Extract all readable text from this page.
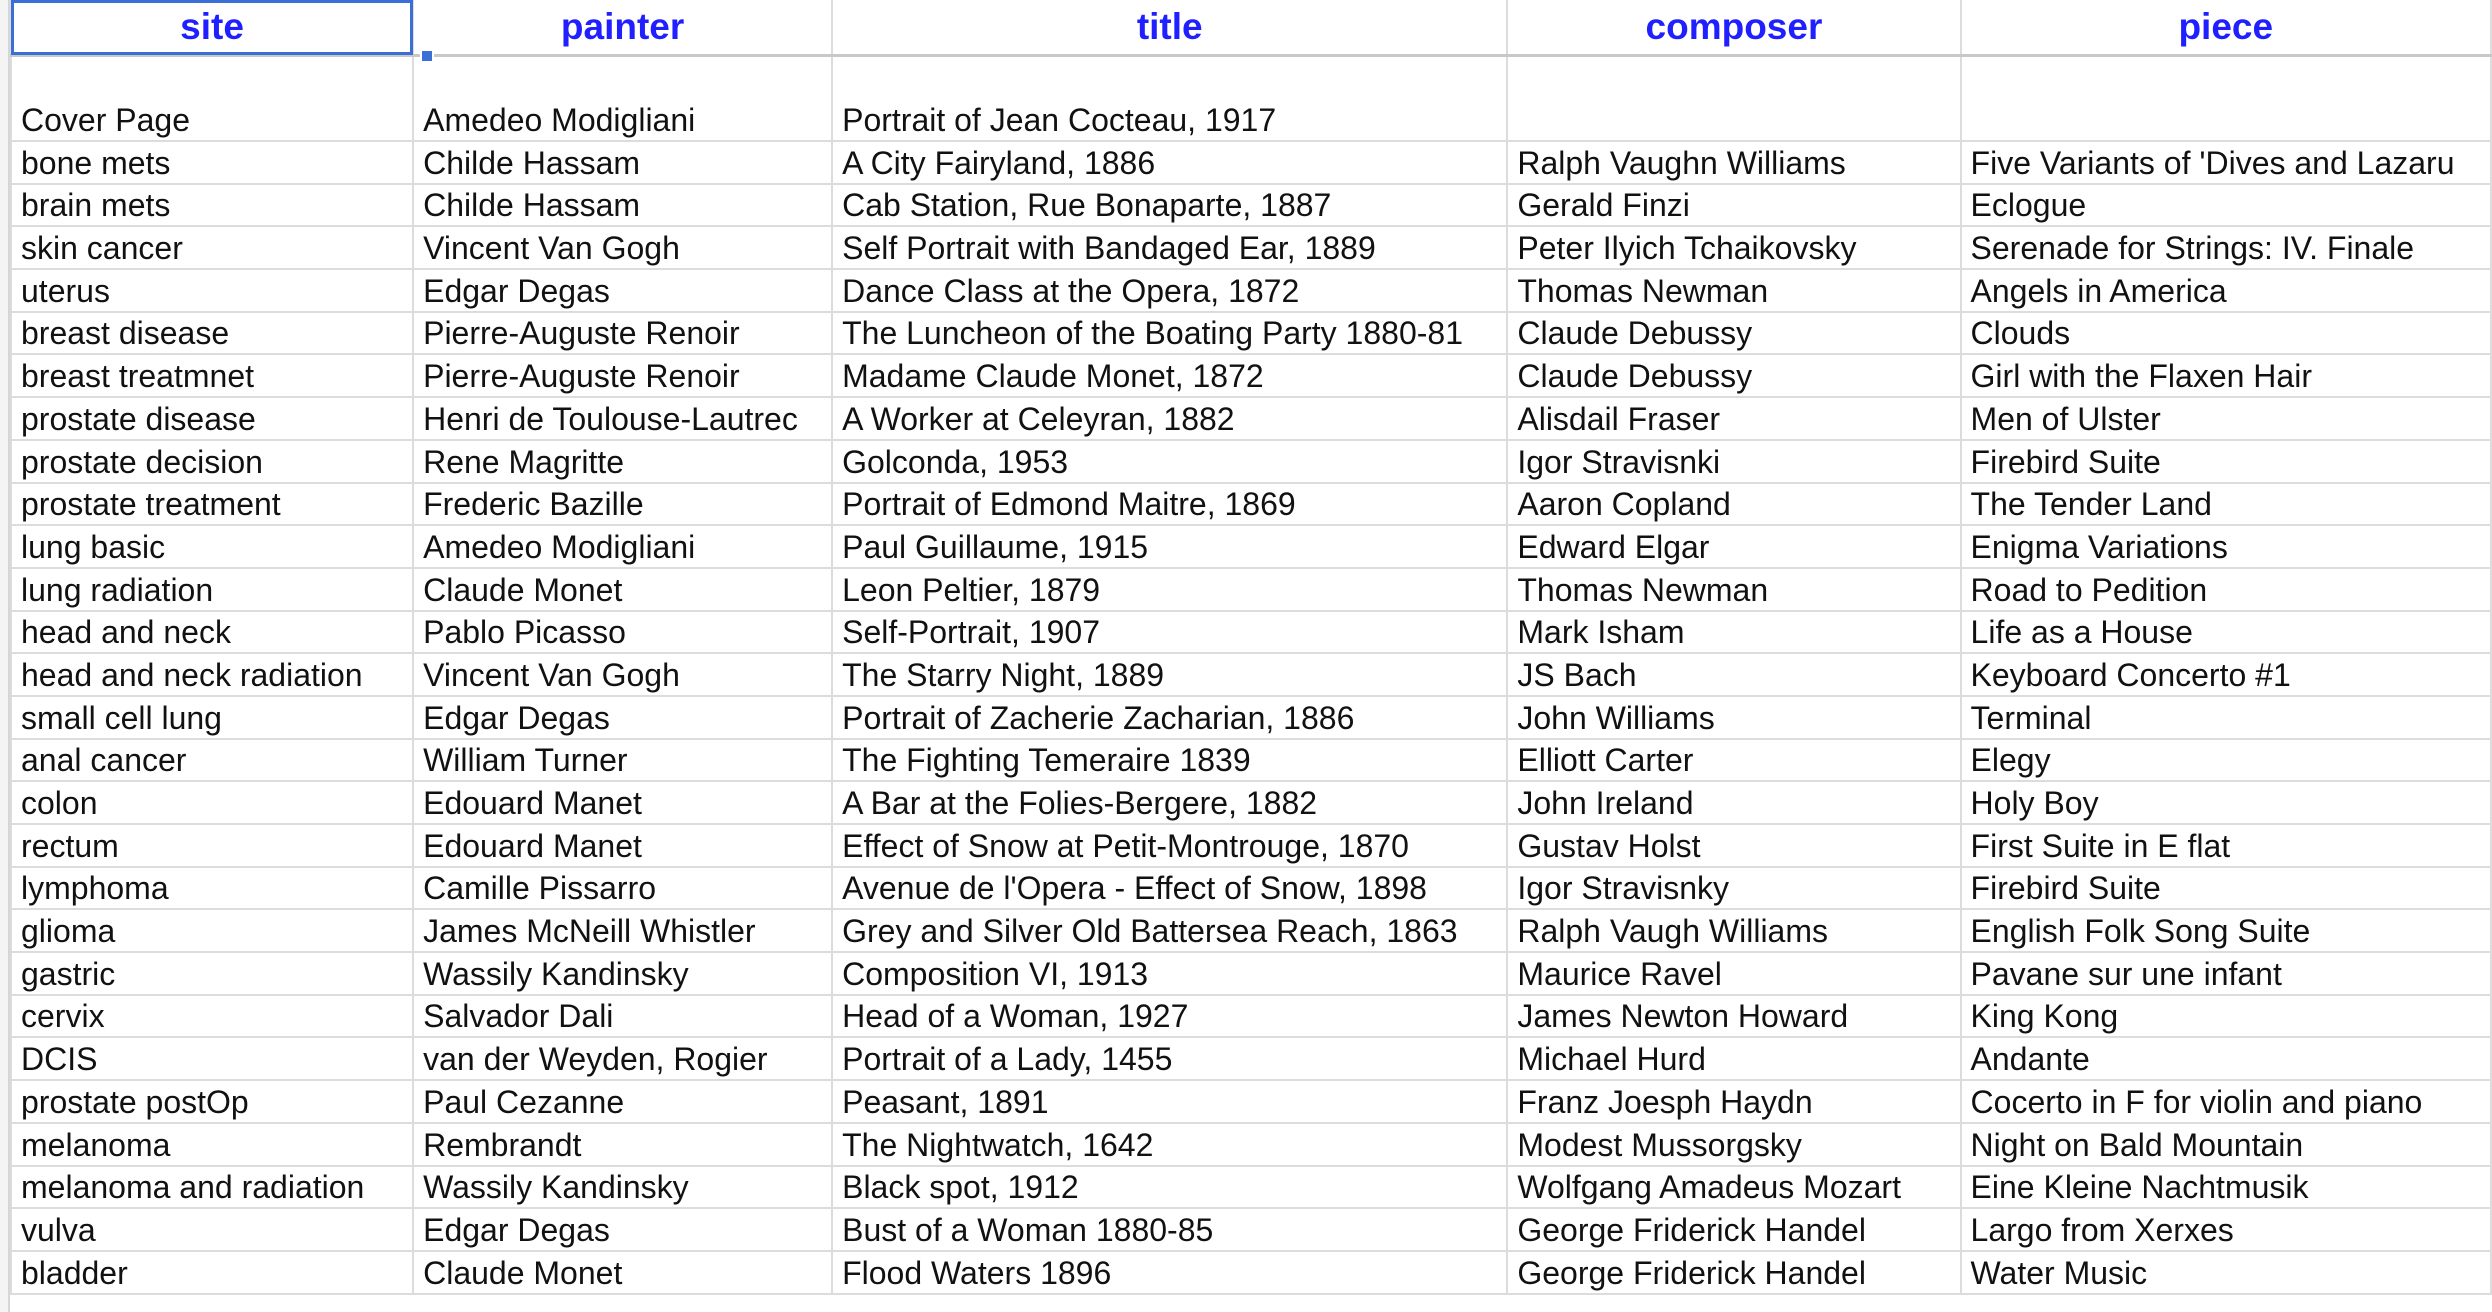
site	painter	title	composer	piece
Cover Page	Amedeo Modigliani	Portrait of Jean Cocteau, 1917		
bone mets	Childe Hassam	A City Fairyland, 1886	Ralph Vaughn Williams	Five Variants of 'Dives and Lazaru
brain mets	Childe Hassam	Cab Station, Rue Bonaparte, 1887	Gerald Finzi	Eclogue
skin cancer	Vincent Van Gogh	Self Portrait with Bandaged Ear, 1889	Peter Ilyich Tchaikovsky	Serenade for Strings: IV. Finale
uterus	Edgar Degas	Dance Class at the Opera, 1872	Thomas Newman	Angels in America
breast disease	Pierre-Auguste Renoir	The Luncheon of the Boating Party 1880-81	Claude Debussy	Clouds
breast treatmnet	Pierre-Auguste Renoir	Madame Claude Monet, 1872	Claude Debussy	Girl with the Flaxen Hair
prostate disease	Henri de Toulouse-Lautrec	A Worker at Celeyran, 1882	Alisdail Fraser	Men of Ulster
prostate decision	Rene Magritte	Golconda, 1953	Igor Stravisnki	Firebird Suite
prostate treatment	Frederic Bazille	Portrait of Edmond Maitre, 1869	Aaron Copland	The Tender Land
lung basic	Amedeo Modigliani	Paul Guillaume, 1915	Edward Elgar	Enigma Variations
lung radiation	Claude Monet	Leon Peltier, 1879	Thomas Newman	Road to Pedition
head and neck	Pablo Picasso	Self-Portrait, 1907	Mark Isham	Life as a House
head and neck radiation	Vincent Van Gogh	The Starry Night, 1889	JS Bach	Keyboard Concerto #1
small cell lung	Edgar Degas	Portrait of Zacherie Zacharian, 1886	John Williams	Terminal
anal cancer	William Turner	The Fighting Temeraire 1839	Elliott Carter	Elegy
colon	Edouard Manet	A Bar at the Folies-Bergere, 1882	John Ireland	Holy Boy
rectum	Edouard Manet	Effect of Snow at Petit-Montrouge, 1870	Gustav Holst	First Suite in E flat
lymphoma	Camille Pissarro	Avenue de l'Opera - Effect of Snow, 1898	Igor Stravisnky	Firebird Suite
glioma	James McNeill Whistler	Grey and Silver Old Battersea Reach, 1863	Ralph Vaugh Williams	English Folk Song Suite
gastric	Wassily Kandinsky	Composition VI, 1913	Maurice Ravel	Pavane sur une infant
cervix	Salvador Dali	Head of a Woman, 1927	James Newton Howard	King Kong
DCIS	van der Weyden, Rogier	Portrait of a Lady, 1455	Michael Hurd	Andante
prostate postOp	Paul Cezanne	Peasant, 1891	Franz Joesph Haydn	Cocerto in F for violin and piano
melanoma	Rembrandt	The Nightwatch, 1642	Modest Mussorgsky	Night on Bald Mountain
melanoma and radiation	Wassily Kandinsky	Black spot, 1912	Wolfgang Amadeus Mozart	Eine Kleine Nachtmusik
vulva	Edgar Degas	Bust of a Woman 1880-85	George Friderick Handel	Largo from Xerxes
bladder	Claude Monet	Flood Waters 1896	George Friderick Handel	Water Music
